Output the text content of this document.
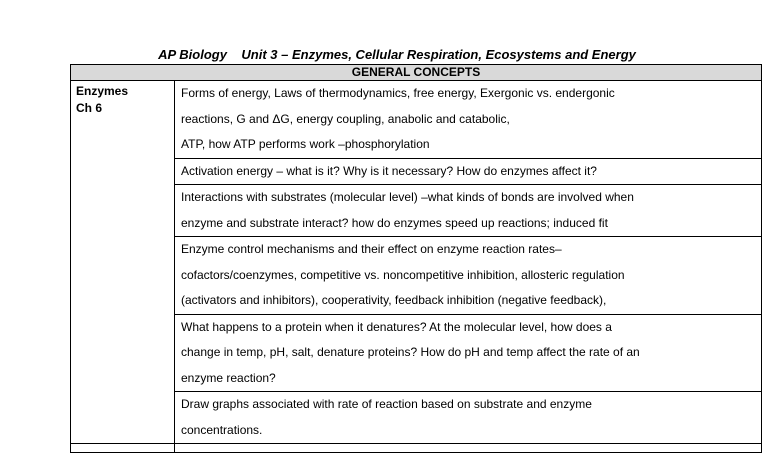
AP Biology    Unit 3 – Enzymes, Cellular Respiration, Ecosystems and Energy
GENERAL CONCEPTS	
Enzymes
Ch 6	Forms of energy, Laws of thermodynamics, free energy, Exergonic vs. endergonic
reactions, G and ΔG, energy coupling, anabolic and catabolic,
ATP, how ATP performs work –phosphorylation

	Activation energy – what is it? Why is it necessary? How do enzymes affect it?

	Interactions with substrates (molecular level) –what kinds of bonds are involved when
enzyme and substrate interact? how do enzymes speed up reactions; induced fit

	Enzyme control mechanisms and their effect on enzyme reaction rates–
cofactors/coenzymes, competitive vs. noncompetitive inhibition, allosteric regulation
(activators and inhibitors), cooperativity, feedback inhibition (negative feedback),

	What happens to a protein when it denatures? At the molecular level, how does a
change in temp, pH, salt, denature proteins? How do pH and temp affect the rate of an
enzyme reaction?

	Draw graphs associated with rate of reaction based on substrate and enzyme
concentrations.
